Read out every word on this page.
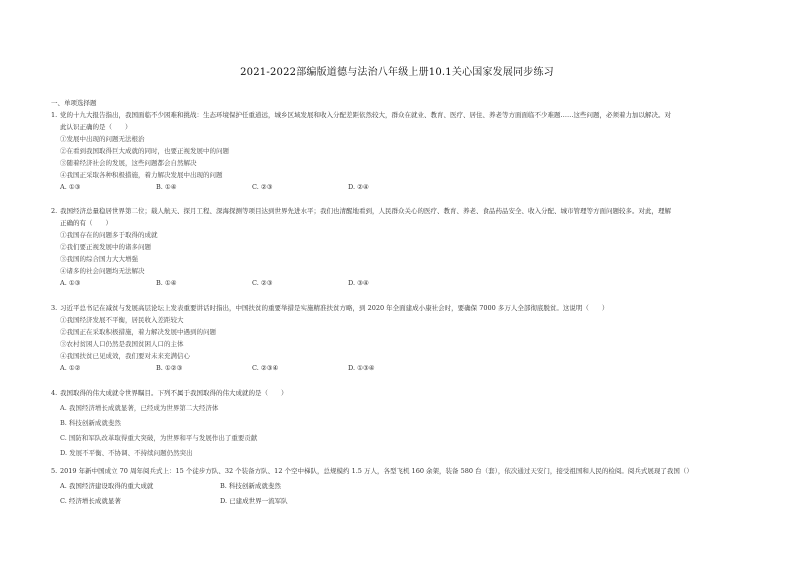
2021-2022部编版道德与法治八年级上册10.1关心国家发展同步练习
一、单项选择题
1. 党的十九大报告指出，我国面临不少困难和挑战：生态环境保护任重道远，城乡区域发展和收入分配差距依然较大，群众在就业、教育、医疗、居住、养老等方面面临不少难题……这些问题，必须着力加以解决。对
此认识正确的是（　　）
①发展中出现的问题无法根治
②在看到我国取得巨大成就的同时，也要正视发展中的问题
③随着经济社会的发展，这些问题都会自然解决
④我国正采取各种积极措施，着力解决发展中出现的问题
A. ①③	B. ①④	C. ②③	D. ②④
2. 我国经济总量稳居世界第二位；载人航天、探月工程、深海探测等项目达到世界先进水平；我们也清醒地看到，人民群众关心的医疗、教育、养老、食品药品安全、收入分配、城市管理等方面问题较多。对此，理解
正确的有（　　）
①我国存在的问题多于取得的成就
②我们要正视发展中的诸多问题
③我国的综合国力大大增强
④诸多的社会问题均无法解决
A. ①③	B. ①④	C. ②③	D. ③④
3. 习近平总书记在减贫与发展高层论坛上发表重要讲话时指出，中国扶贫的重要举措是实施精准扶贫方略，到 2020 年全面建成小康社会时，要确保 7000 多万人全部彻底脱贫。这说明（　　）
①我国经济发展不平衡，居民收入差距较大
②我国正在采取积极措施，着力解决发展中遇到的问题
③农村贫困人口仍然是我国贫困人口的主体
④我国扶贫已见成效，我们要对未来充满信心
A. ①②	B. ①②③	C. ②③④	D. ①③④
4. 我国取得的伟大成就令世界瞩目。下列不属于我国取得的伟大成就的是（　　）
A. 我国经济增长成就显著，已经成为世界第二大经济体
B. 科技创新成就斐然
C. 国防和军队改革取得重大突破，为世界和平与发展作出了重要贡献
D. 发展不平衡、不协调、不持续问题仍然突出
5. 2019 年新中国成立 70 周年阅兵式上：15 个徒步方队、32 个装备方队、12 个空中梯队，总规模约 1.5 万人，各型飞机 160 余架，装备 580 台（套），依次通过天安门，接受祖国和人民的检阅。阅兵式展现了我国（）
A. 我国经济建设取得的重大成就	B. 科技创新成就斐然
C. 经济增长成就显著	D. 已建成世界一流军队
